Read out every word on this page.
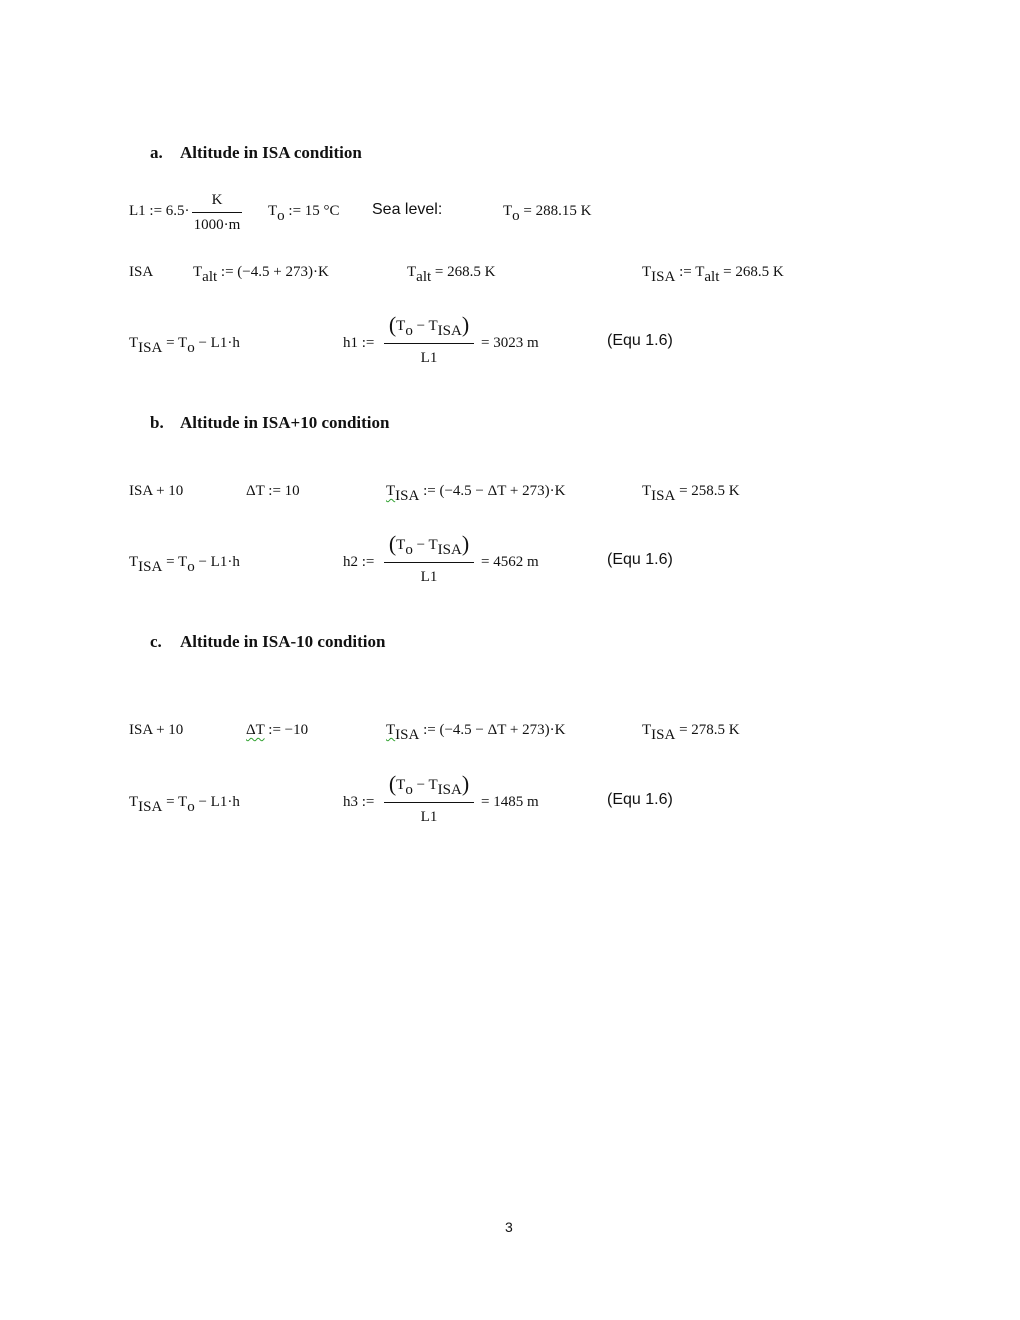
a. Altitude in ISA condition
L1 := 6.5·
K
1000·m
$T_o$ := 15 °C Sea level:	$T_o = 288.15$ K
ISA	$T_{alt}$ := (−4.5 + 273)·K	$T_{alt} = 268.5$ K	$T_{ISA}$ := $T_{alt} = 268.5$ K
$T_{ISA} = T_o - L1\cdot h$	h1 :=
$(T_o - T_{ISA})$
L1
= 3023 m	(Equ 1.6)
b. Altitude in ISA+10 condition
ISA + 10	ΔT := 10	$T_{ISA}$ := (−4.5 − ΔT + 273)·K	$T_{ISA} = 258.5$ K
$T_{ISA} = T_o - L1\cdot h$	h2 :=
$(T_o - T_{ISA})$
L1
= 4562 m	(Equ 1.6)
c. Altitude in ISA-10 condition
ISA + 10	ΔT := −10	$T_{ISA}$ := (−4.5 − ΔT + 273)·K	$T_{ISA} = 278.5$ K
$T_{ISA} = T_o - L1\cdot h$	h3 :=
$(T_o - T_{ISA})$
L1
= 1485 m	(Equ 1.6)
3
